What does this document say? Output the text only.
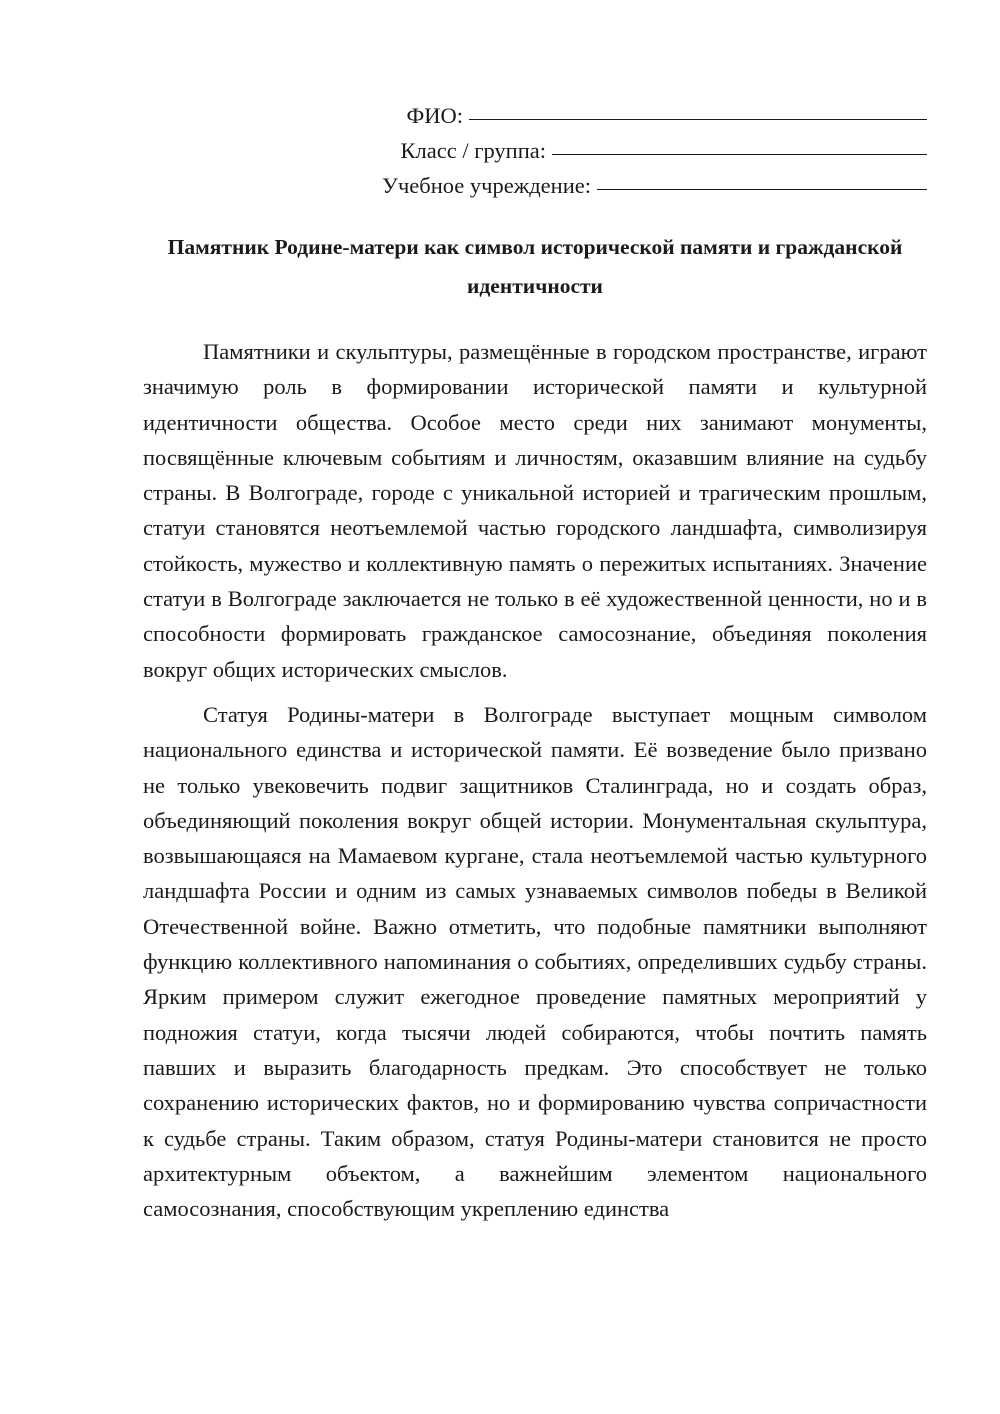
ФИО:
Класс / группа:
Учебное учреждение:
Памятник Родине-матери как символ исторической памяти и гражданской идентичности

Памятники и скульптуры, размещённые в городском пространстве, играют значимую роль в формировании исторической памяти и культурной идентичности общества. Особое место среди них занимают монументы, посвящённые ключевым событиям и личностям, оказавшим влияние на судьбу страны. В Волгограде, городе с уникальной историей и трагическим прошлым, статуи становятся неотъемлемой частью городского ландшафта, символизируя стойкость, мужество и коллективную память о пережитых испытаниях. Значение статуи в Волгограде заключается не только в её художественной ценности, но и в способности формировать гражданское самосознание, объединяя поколения вокруг общих исторических смыслов.

Статуя Родины-матери в Волгограде выступает мощным символом национального единства и исторической памяти. Её возведение было призвано не только увековечить подвиг защитников Сталинграда, но и создать образ, объединяющий поколения вокруг общей истории. Монументальная скульптура, возвышающаяся на Мамаевом кургане, стала неотъемлемой частью культурного ландшафта России и одним из самых узнаваемых символов победы в Великой Отечественной войне. Важно отметить, что подобные памятники выполняют функцию коллективного напоминания о событиях, определивших судьбу страны. Ярким примером служит ежегодное проведение памятных мероприятий у подножия статуи, когда тысячи людей собираются, чтобы почтить память павших и выразить благодарность предкам. Это способствует не только сохранению исторических фактов, но и формированию чувства сопричастности к судьбе страны. Таким образом, статуя Родины-матери становится не просто архитектурным объектом, а важнейшим элементом национального самосознания, способствующим укреплению единства
